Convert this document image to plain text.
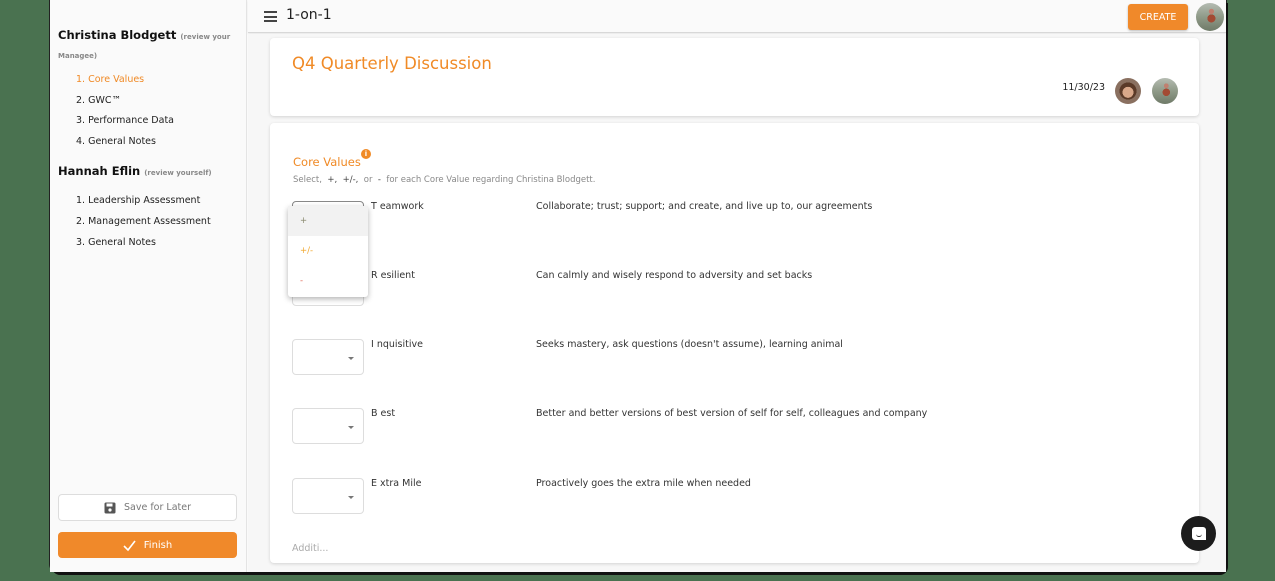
Christina Blodgett (review your Managee)
1. Core Values
2. GWC™
3. Performance Data
4. General Notes
Hannah Eflin (review yourself)
1. Leadership Assessment
2. Management Assessment
3. General Notes
Save for Later
Finish
1-on-1	CREATE
Q4 Quarterly Discussion
11/30/23
Core Values
i
Select, +, +/-, or - for each Core Value regarding Christina Blodgett.
T eamwork	Collaborate; trust; support; and create, and live up to, our agreements
R esilient	Can calmly and wisely respond to adversity and set backs
I nquisitive	Seeks mastery, ask questions (doesn't assume), learning animal
B est	Better and better versions of best version of self for self, colleagues and company
E xtra Mile	Proactively goes the extra mile when needed
Additi...
+
+/-
-
